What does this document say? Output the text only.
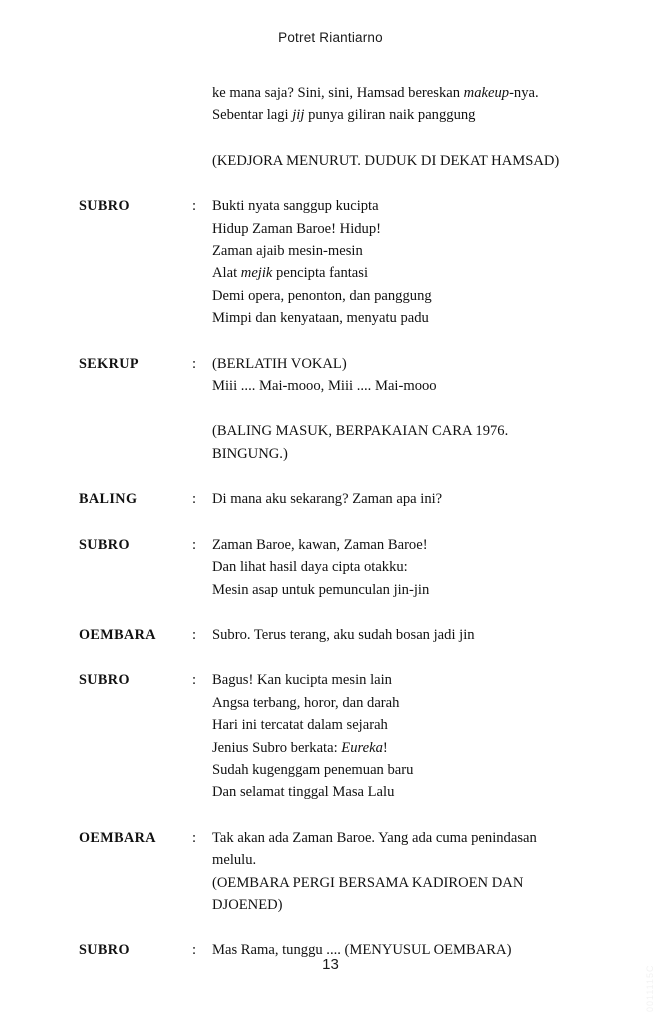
Potret Riantiarno
ke mana saja? Sini, sini, Hamsad bereskan makeup-nya.
Sebentar lagi jij punya giliran naik panggung
(KEDJORA MENURUT. DUDUK DI DEKAT HAMSAD)
SUBRO	:	Bukti nyata sanggup kucipta
Hidup Zaman Baroe! Hidup!
Zaman ajaib mesin-mesin
Alat mejik pencipta fantasi
Demi opera, penonton, dan panggung
Mimpi dan kenyataan, menyatu padu
SEKRUP	:	(BERLATIH VOKAL)
Miii .... Mai-mooo, Miii .... Mai-mooo
(BALING MASUK, BERPAKAIAN CARA 1976. BINGUNG.)
BALING	:	Di mana aku sekarang? Zaman apa ini?
SUBRO	:	Zaman Baroe, kawan, Zaman Baroe!
Dan lihat hasil daya cipta otakku:
Mesin asap untuk pemunculan jin-jin
OEMBARA	:	Subro. Terus terang, aku sudah bosan jadi jin
SUBRO	:	Bagus! Kan kucipta mesin lain
Angsa terbang, horor, dan darah
Hari ini tercatat dalam sejarah
Jenius Subro berkata: Eureka!
Sudah kugenggam penemuan baru
Dan selamat tinggal Masa Lalu
OEMBARA	:	Tak akan ada Zaman Baroe. Yang ada cuma penindasan
melulu.
(OEMBARA PERGI BERSAMA KADIROEN DAN
DJOENED)
SUBRO	:	Mas Rama, tunggu .... (MENYUSUL OEMBARA)
13	0011115C
